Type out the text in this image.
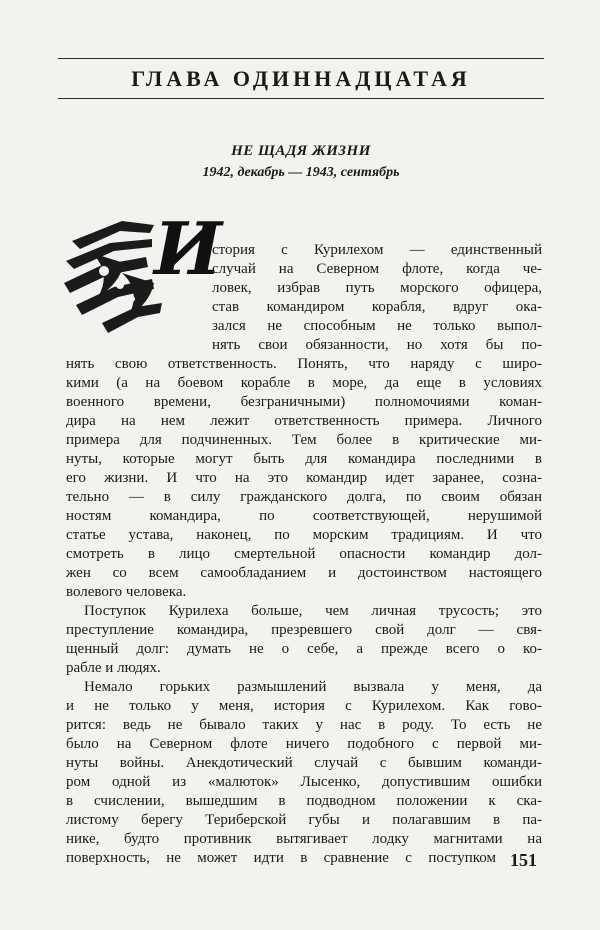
ГЛАВА ОДИННАДЦАТАЯ
НЕ ЩАДЯ ЖИЗНИ
1942, декабрь — 1943, сентябрь
И
стория с Курилехом — единственный
случай на Северном флоте, когда че-
ловек, избрав путь морского офицера,
став командиром корабля, вдруг ока-
зался не способным не только выпол-
нять свои обязанности, но хотя бы по-
нять свою ответственность. Понять, что наряду с широ-
кими (а на боевом корабле в море, да еще в условиях
военного времени, безграничными) полномочиями коман-
дира на нем лежит ответственность примера. Личного
примера для подчиненных. Тем более в критические ми-
нуты, которые могут быть для командира последними в
его жизни. И что на это командир идет заранее, созна-
тельно — в силу гражданского долга, по своим обязан
ностям командира, по соответствующей, нерушимой
статье устава, наконец, по морским традициям. И что
смотреть в лицо смертельной опасности командир дол-
жен со всем самообладанием и достоинством настоящего
волевого человека.
Поступок Курилеха больше, чем личная трусость; это
преступление командира, презревшего свой долг — свя-
щенный долг: думать не о себе, а прежде всего о ко-
рабле и людях.
Немало горьких размышлений вызвала у меня, да
и не только у меня, история с Курилехом. Как гово-
рится: ведь не бывало таких у нас в роду. То есть не
было на Северном флоте ничего подобного с первой ми-
нуты войны. Анекдотический случай с бывшим команди-
ром одной из «малюток» Лысенко, допустившим ошибки
в счислении, вышедшим в подводном положении к ска-
листому берегу Териберской губы и полагавшим в па-
нике, будто противник вытягивает лодку магнитами на
поверхность, не может идти в сравнение с поступком 151
